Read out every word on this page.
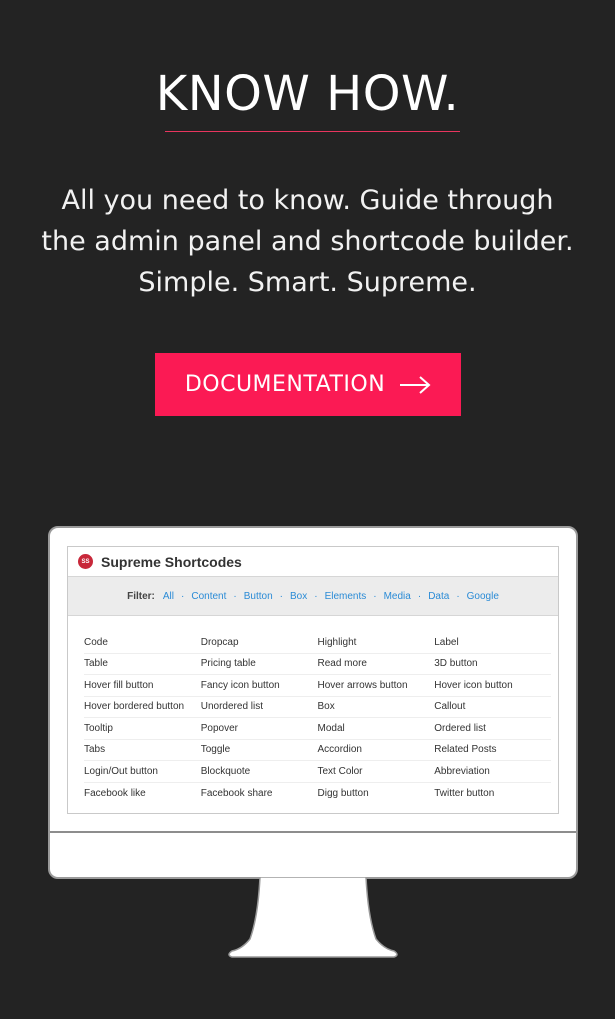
KNOW HOW.
All you need to know. Guide through
the admin panel and shortcode builder.
Simple. Smart. Supreme.
DOCUMENTATION
SS Supreme Shortcodes
Filter: All · Content · Button · Box · Elements · Media · Data · Google
Code	Dropcap	Highlight	Label
Table	Pricing table	Read more	3D button
Hover fill button	Fancy icon button	Hover arrows button	Hover icon button
Hover bordered button	Unordered list	Box	Callout
Tooltip	Popover	Modal	Ordered list
Tabs	Toggle	Accordion	Related Posts
Login/Out button	Blockquote	Text Color	Abbreviation
Facebook like	Facebook share	Digg button	Twitter button
